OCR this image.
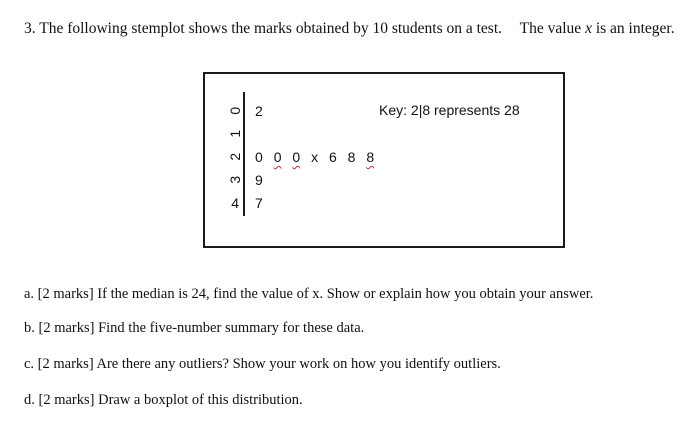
3. The following stemplot shows the marks obtained by 10 students on a test. The value x is an integer.
0 2
1
2 0 0 0 x 6 8 8
3 9
4 7
Key: 2|8 represents 28
a. [2 marks] If the median is 24, find the value of x. Show or explain how you obtain your answer.
b. [2 marks] Find the five-number summary for these data.
c. [2 marks] Are there any outliers? Show your work on how you identify outliers.
d. [2 marks] Draw a boxplot of this distribution.
